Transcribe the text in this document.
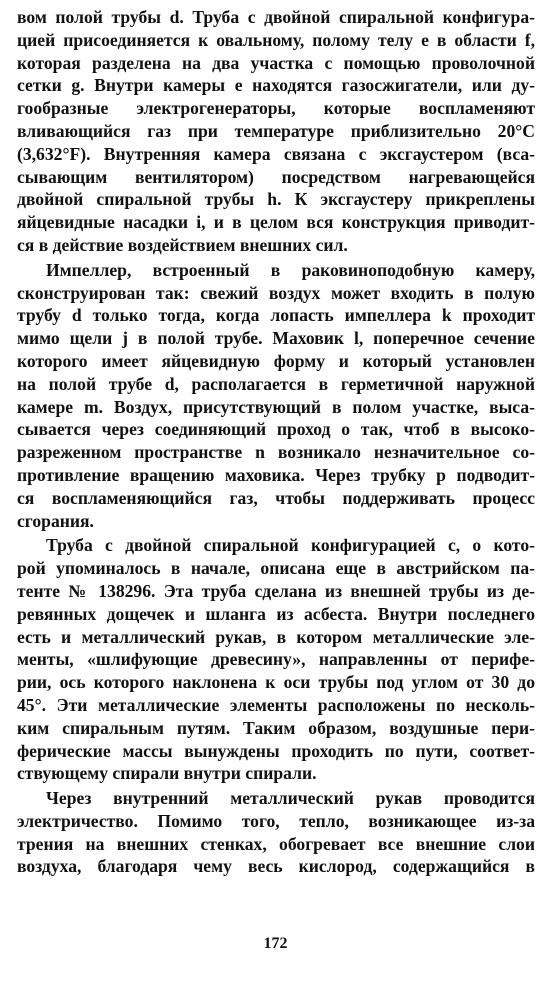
вом полой трубы d. Труба с двойной спиральной конфигура-
цией присоединяется к овальному, полому телу e в области f,
которая разделена на два участка с помощью проволочной
сетки g. Внутри камеры e находятся газосжигатели, или ду-
гообразные электрогенераторы, которые воспламеняют
вливающийся газ при температуре приблизительно 20°C
(3,632°F). Внутренняя камера связана с эксгаустером (вса-
сывающим вентилятором) посредством нагревающейся
двойной спиральной трубы h. К эксгаустеру прикреплены
яйцевидные насадки i, и в целом вся конструкция приводит-
ся в действие воздействием внешних сил.
Импеллер, встроенный в раковиноподобную камеру,
сконструирован так: свежий воздух может входить в полую
трубу d только тогда, когда лопасть импеллера k проходит
мимо щели j в полой трубе. Маховик l, поперечное сечение
которого имеет яйцевидную форму и который установлен
на полой трубе d, располагается в герметичной наружной
камере m. Воздух, присутствующий в полом участке, выса-
сывается через соединяющий проход o так, чтоб в высоко-
разреженном пространстве n возникало незначительное со-
противление вращению маховика. Через трубку p подводит-
ся воспламеняющийся газ, чтобы поддерживать процесс
сгорания.
Труба с двойной спиральной конфигурацией c, о кото-
рой упоминалось в начале, описана еще в австрийском па-
тенте № 138296. Эта труба сделана из внешней трубы из де-
ревянных дощечек и шланга из асбеста. Внутри последнего
есть и металлический рукав, в котором металлические эле-
менты, «шлифующие древесину», направленны от перифе-
рии, ось которого наклонена к оси трубы под углом от 30 до
45°. Эти металлические элементы расположены по несколь-
ким спиральным путям. Таким образом, воздушные пери-
ферические массы вынуждены проходить по пути, соответ-
ствующему спирали внутри спирали.
Через внутренний металлический рукав проводится
электричество. Помимо того, тепло, возникающее из-за
трения на внешних стенках, обогревает все внешние слои
воздуха, благодаря чему весь кислород, содержащийся в
172
